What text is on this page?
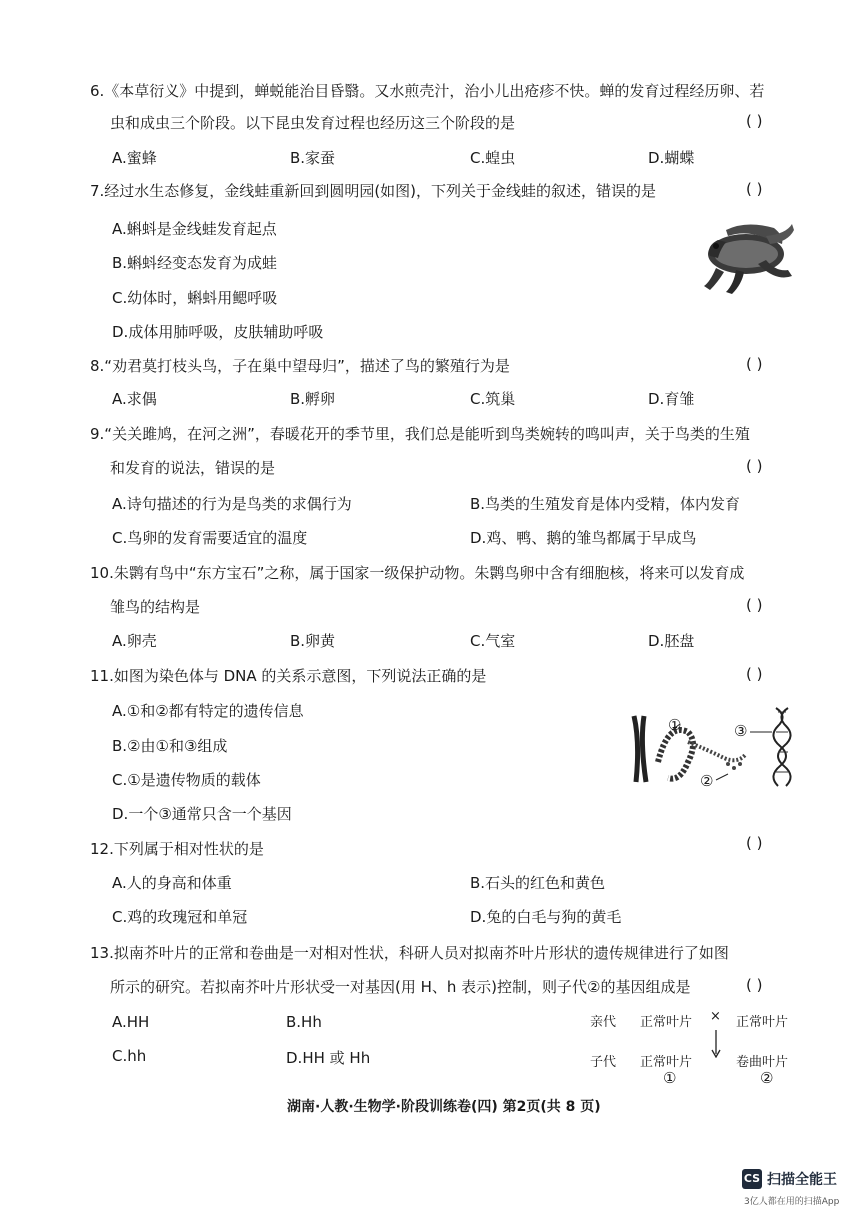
6.《本草衍义》中提到，蝉蜕能治目昏翳。又水煎壳汁，治小儿出疮疹不快。蝉的发育过程经历卵、若
虫和成虫三个阶段。以下昆虫发育过程也经历这三个阶段的是	( )
A.蜜蜂	B.家蚕	C.蝗虫	D.蝴蝶
7.经过水生态修复，金线蛙重新回到圆明园(如图)，下列关于金线蛙的叙述，错误的是	( )
A.蝌蚪是金线蛙发育起点
B.蝌蚪经变态发育为成蛙
C.幼体时，蝌蚪用鳃呼吸
D.成体用肺呼吸，皮肤辅助呼吸
8.“劝君莫打枝头鸟，子在巢中望母归”，描述了鸟的繁殖行为是	( )
A.求偶	B.孵卵	C.筑巢	D.育雏
9.“关关雎鸠，在河之洲”，春暖花开的季节里，我们总是能听到鸟类婉转的鸣叫声，关于鸟类的生殖
和发育的说法，错误的是	( )
A.诗句描述的行为是鸟类的求偶行为	B.鸟类的生殖发育是体内受精，体内发育
C.鸟卵的发育需要适宜的温度	D.鸡、鸭、鹅的雏鸟都属于早成鸟
10.朱鹮有鸟中“东方宝石”之称，属于国家一级保护动物。朱鹮鸟卵中含有细胞核，将来可以发育成
雏鸟的结构是	( )
A.卵壳	B.卵黄	C.气室	D.胚盘
11.如图为染色体与 DNA 的关系示意图，下列说法正确的是	( )
A.①和②都有特定的遗传信息
B.②由①和③组成
C.①是遗传物质的载体
D.一个③通常只含一个基因
①
②
③
12.下列属于相对性状的是	( )
A.人的身高和体重	B.石头的红色和黄色
C.鸡的玫瑰冠和单冠	D.兔的白毛与狗的黄毛
13.拟南芥叶片的正常和卷曲是一对相对性状，科研人员对拟南芥叶片形状的遗传规律进行了如图
所示的研究。若拟南芥叶片形状受一对基因(用 H、h 表示)控制，则子代②的基因组成是	( )
A.HH	B.Hh
C.hh	D.HH 或 Hh
亲代 正常叶片 × 正常叶片
子代 正常叶片	卷曲叶片
①	②
湖南·人教·生物学·阶段训练卷(四) 第2页(共 8 页)
CS 扫描全能王
3亿人都在用的扫描App
